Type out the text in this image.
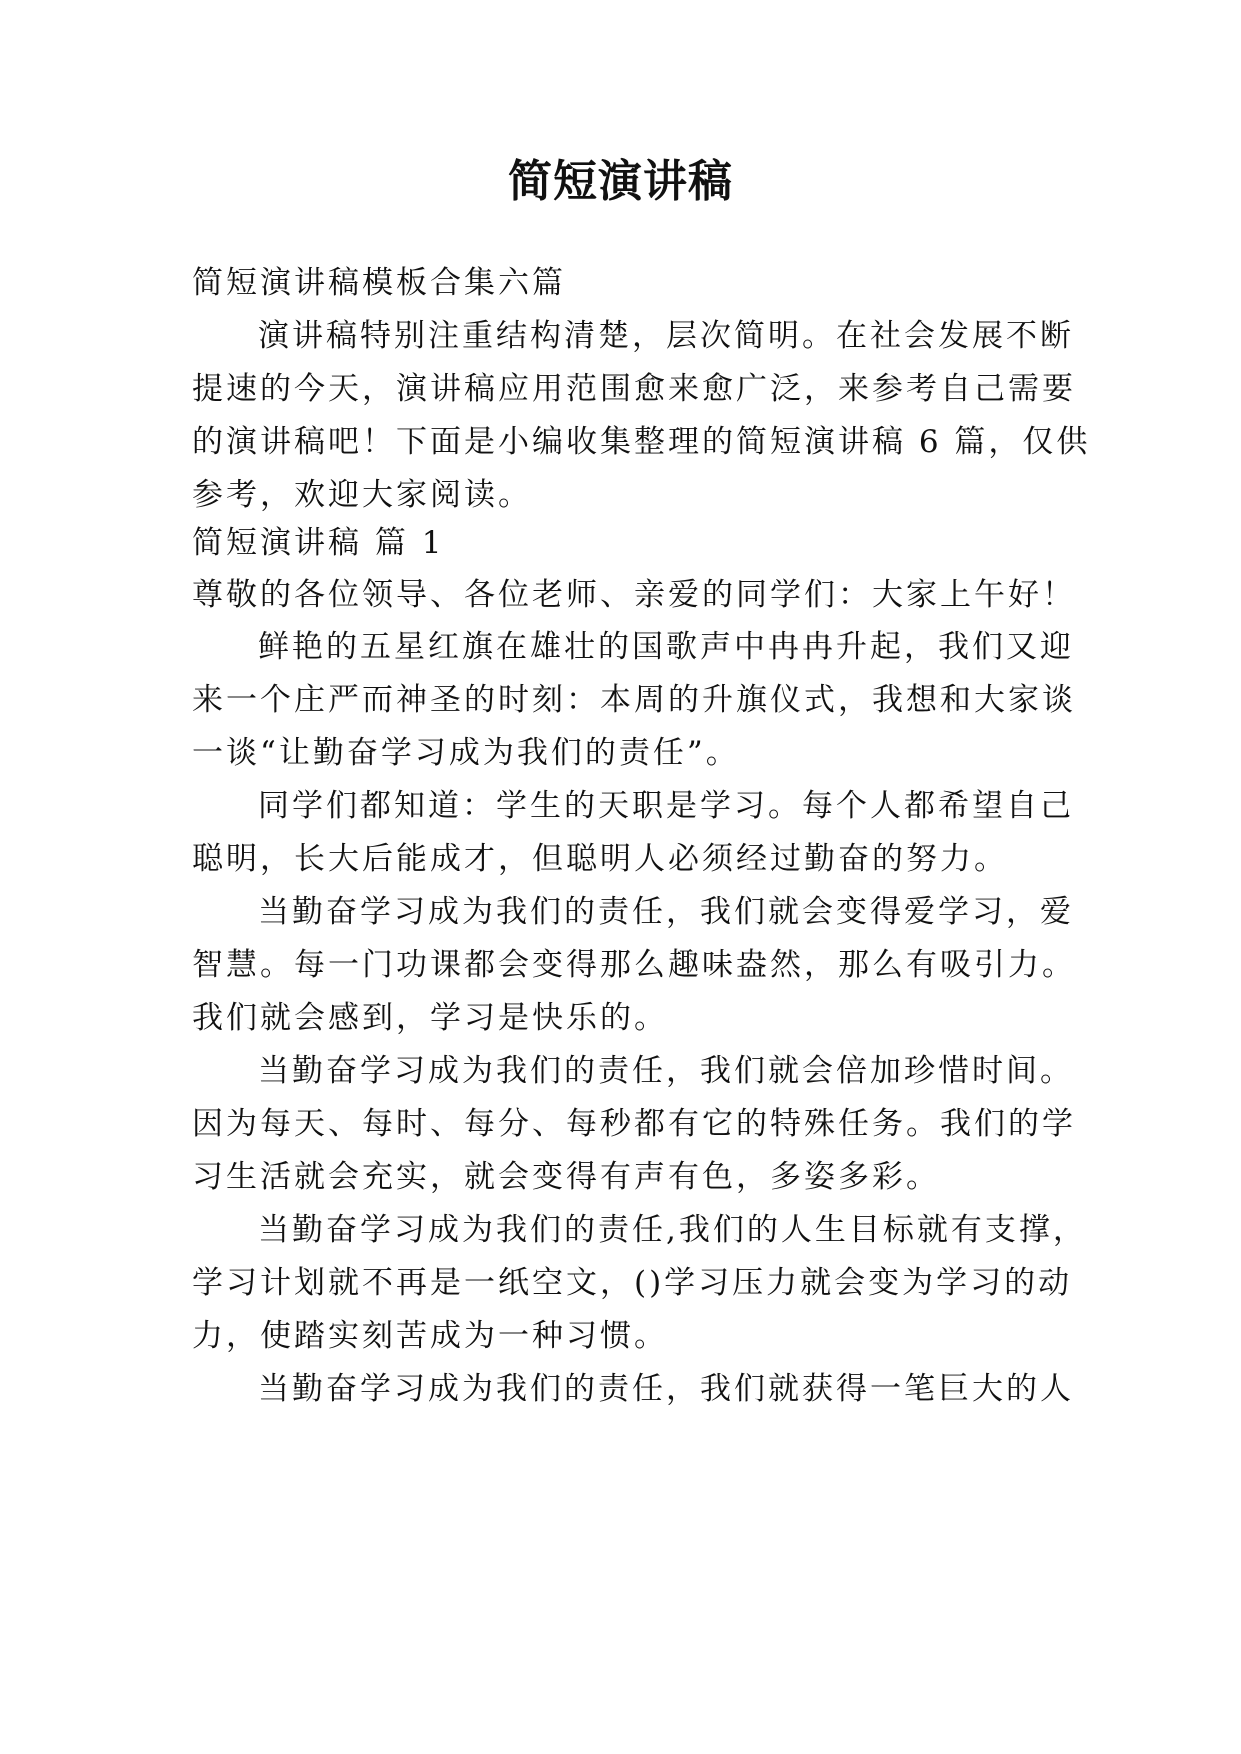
简短演讲稿
简短演讲稿模板合集六篇
演讲稿特别注重结构清楚，层次简明。在社会发展不断
提速的今天，演讲稿应用范围愈来愈广泛，来参考自己需要
的演讲稿吧！下面是小编收集整理的简短演讲稿 6 篇，仅供
参考，欢迎大家阅读。
简短演讲稿 篇 1
尊敬的各位领导、各位老师、亲爱的同学们：大家上午好！
鲜艳的五星红旗在雄壮的国歌声中冉冉升起，我们又迎
来一个庄严而神圣的时刻：本周的升旗仪式，我想和大家谈
一谈“让勤奋学习成为我们的责任”。
同学们都知道：学生的天职是学习。每个人都希望自己
聪明，长大后能成才，但聪明人必须经过勤奋的努力。
当勤奋学习成为我们的责任，我们就会变得爱学习，爱
智慧。每一门功课都会变得那么趣味盎然，那么有吸引力。
我们就会感到，学习是快乐的。
当勤奋学习成为我们的责任，我们就会倍加珍惜时间。
因为每天、每时、每分、每秒都有它的特殊任务。我们的学
习生活就会充实，就会变得有声有色，多姿多彩。
当勤奋学习成为我们的责任,我们的人生目标就有支撑，
学习计划就不再是一纸空文，()学习压力就会变为学习的动
力，使踏实刻苦成为一种习惯。
当勤奋学习成为我们的责任，我们就获得一笔巨大的人
